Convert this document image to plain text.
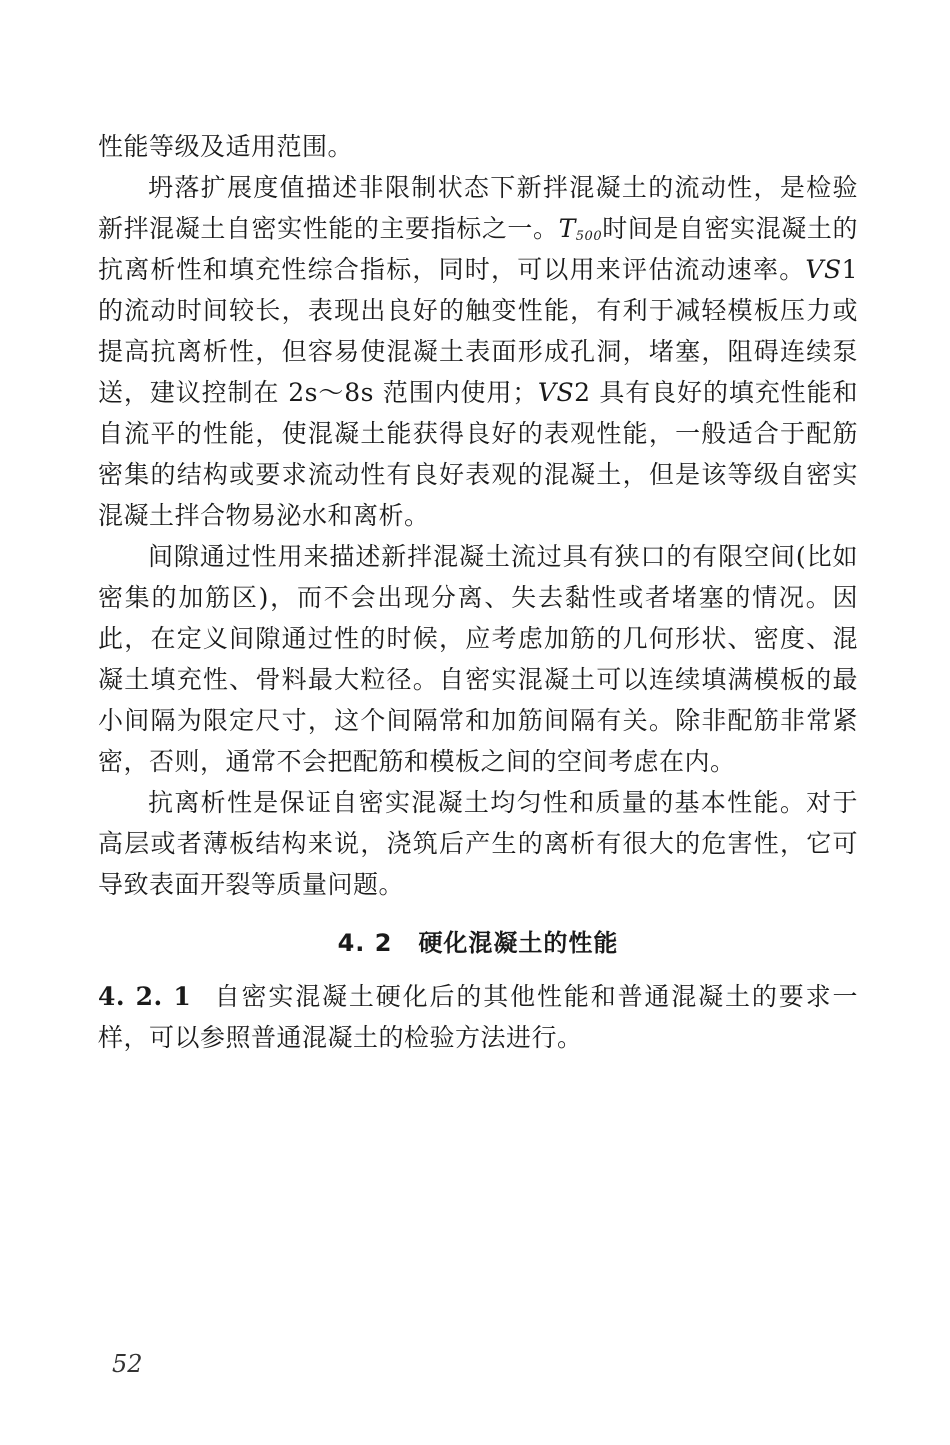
性能等级及适用范围。

坍落扩展度值描述非限制状态下新拌混凝土的流动性，是检验新拌混凝土自密实性能的主要指标之一。$T_{500}$时间是自密实混凝土的抗离析性和填充性综合指标，同时，可以用来评估流动速率。VS1 的流动时间较长，表现出良好的触变性能，有利于减轻模板压力或提高抗离析性，但容易使混凝土表面形成孔洞，堵塞，阻碍连续泵送，建议控制在 2s～8s 范围内使用；VS2 具有良好的填充性能和自流平的性能，使混凝土能获得良好的表观性能，一般适合于配筋密集的结构或要求流动性有良好表观的混凝土，但是该等级自密实混凝土拌合物易泌水和离析。

间隙通过性用来描述新拌混凝土流过具有狭口的有限空间(比如密集的加筋区)，而不会出现分离、失去黏性或者堵塞的情况。因此，在定义间隙通过性的时候，应考虑加筋的几何形状、密度、混凝土填充性、骨料最大粒径。自密实混凝土可以连续填满模板的最小间隔为限定尺寸，这个间隔常和加筋间隔有关。除非配筋非常紧密，否则，通常不会把配筋和模板之间的空间考虑在内。

抗离析性是保证自密实混凝土均匀性和质量的基本性能。对于高层或者薄板结构来说，浇筑后产生的离析有很大的危害性，它可导致表面开裂等质量问题。

4. 2 硬化混凝土的性能

4. 2. 1 自密实混凝土硬化后的其他性能和普通混凝土的要求一样，可以参照普通混凝土的检验方法进行。

52
